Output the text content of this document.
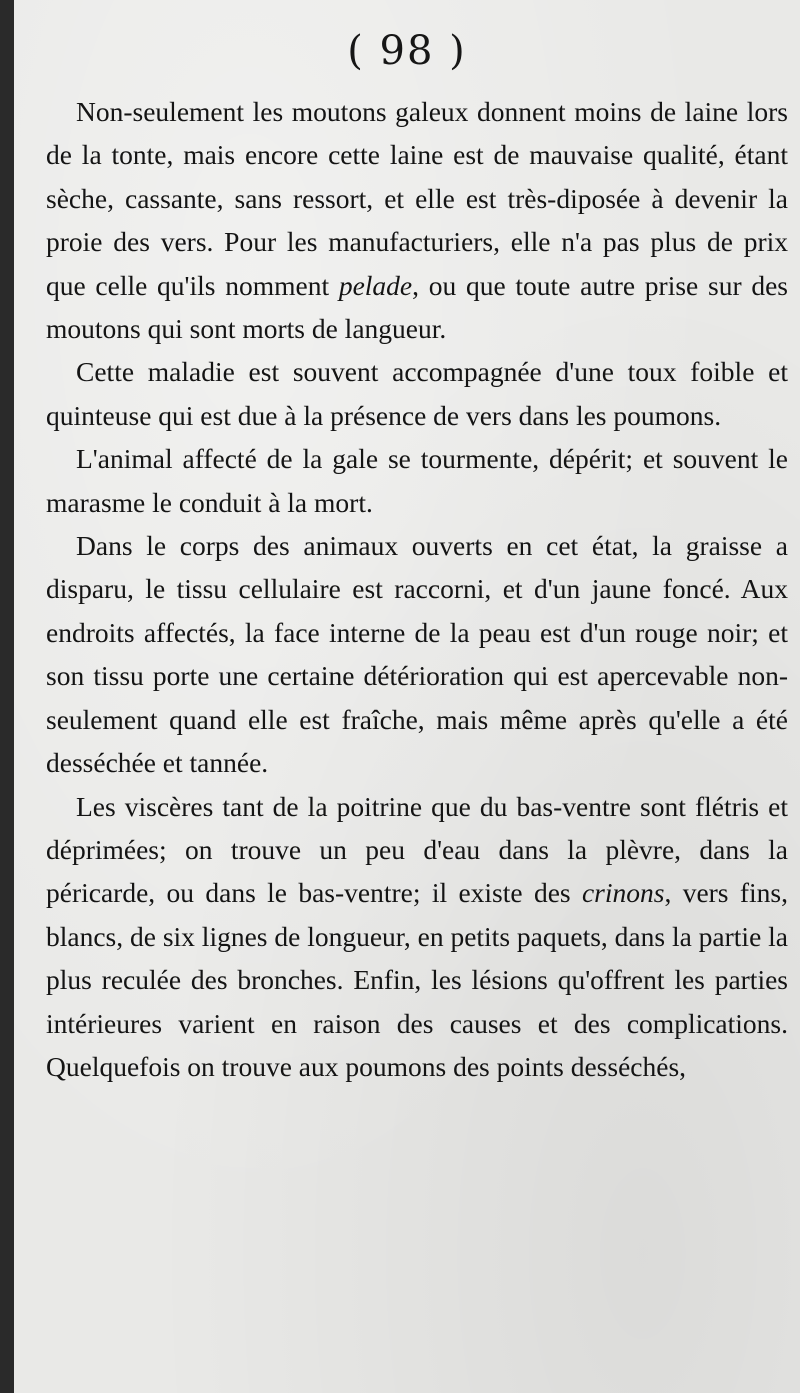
( 98 )

Non-seulement les moutons galeux donnent moins de laine lors de la tonte, mais encore cette laine est de mauvaise qualité, étant sèche, cassante, sans ressort, et elle est très-diposée à devenir la proie des vers. Pour les manufacturiers, elle n'a pas plus de prix que celle qu'ils nomment pelade, ou que toute autre prise sur des moutons qui sont morts de langueur.

Cette maladie est souvent accompagnée d'une toux foible et quinteuse qui est due à la présence de vers dans les poumons.

L'animal affecté de la gale se tourmente, dépérit; et souvent le marasme le conduit à la mort.

Dans le corps des animaux ouverts en cet état, la graisse a disparu, le tissu cellulaire est raccorni, et d'un jaune foncé. Aux endroits affectés, la face interne de la peau est d'un rouge noir; et son tissu porte une certaine détérioration qui est apercevable non-seulement quand elle est fraîche, mais même après qu'elle a été desséchée et tannée.

Les viscères tant de la poitrine que du bas-ventre sont flétris et déprimées; on trouve un peu d'eau dans la plèvre, dans la péricarde, ou dans le bas-ventre; il existe des crinons, vers fins, blancs, de six lignes de longueur, en petits paquets, dans la partie la plus reculée des bronches. Enfin, les lésions qu'offrent les parties intérieures varient en raison des causes et des complications. Quelquefois on trouve aux poumons des points desséchés,
